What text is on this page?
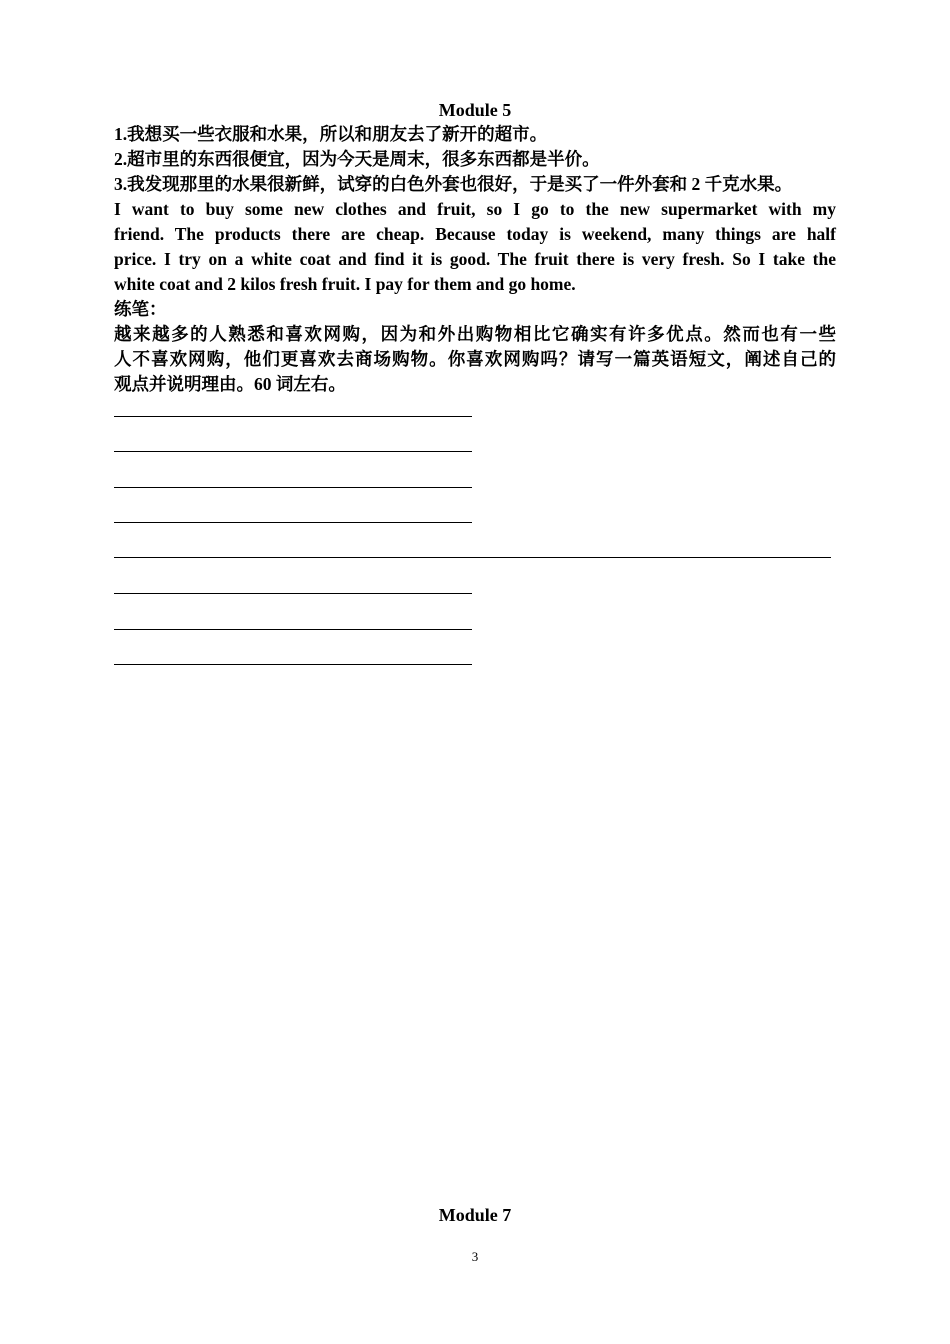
Module 5
1.我想买一些衣服和水果，所以和朋友去了新开的超市。
2.超市里的东西很便宜，因为今天是周末，很多东西都是半价。
3.我发现那里的水果很新鲜，试穿的白色外套也很好，于是买了一件外套和 2 千克水果。
I want to buy some new clothes and fruit, so I go to the new supermarket with my
friend. The products there are cheap. Because today is weekend, many things are half
price. I try on a white coat and find it is good. The fruit there is very fresh. So I take the
white coat and 2 kilos fresh fruit. I pay for them and go home.
练笔：
越来越多的人熟悉和喜欢网购，因为和外出购物相比它确实有许多优点。然而也有一些
人不喜欢网购，他们更喜欢去商场购物。你喜欢网购吗？请写一篇英语短文，阐述自己的
观点并说明理由。60 词左右。
Module 7
3
